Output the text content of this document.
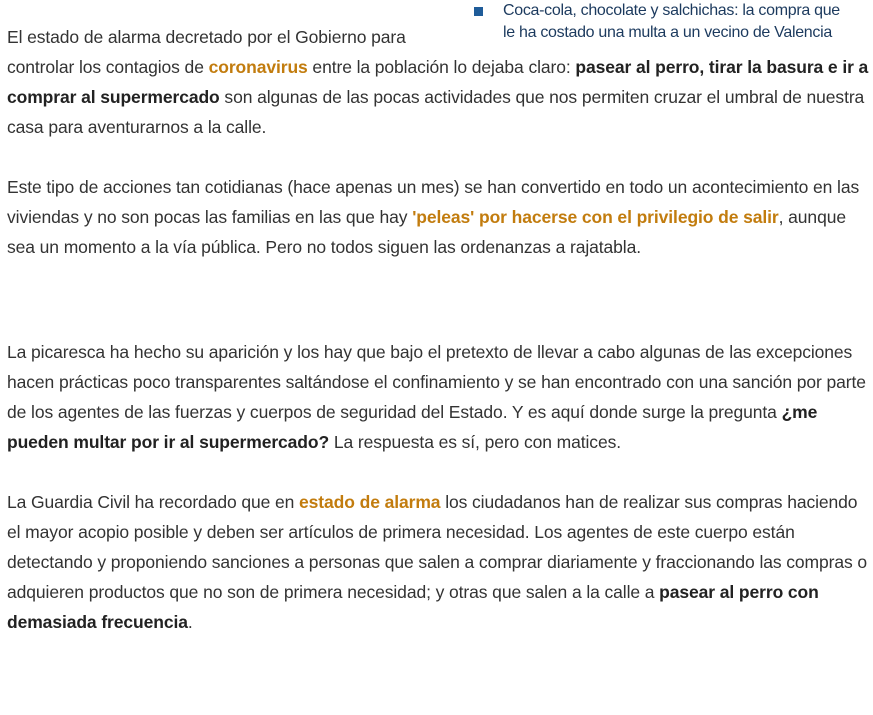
Coca-cola, chocolate y salchichas: la compra que
le ha costado una multa a un vecino de Valencia

El estado de alarma decretado por el Gobierno para controlar los contagios de coronavirus entre la población lo dejaba claro: pasear al perro, tirar la basura e ir a comprar al supermercado son algunas de las pocas actividades que nos permiten cruzar el umbral de nuestra casa para aventurarnos a la calle.

Este tipo de acciones tan cotidianas (hace apenas un mes) se han convertido en todo un acontecimiento en las viviendas y no son pocas las familias en las que hay 'peleas' por hacerse con el privilegio de salir, aunque sea un momento a la vía pública. Pero no todos siguen las ordenanzas a rajatabla.

La picaresca ha hecho su aparición y los hay que bajo el pretexto de llevar a cabo algunas de las excepciones hacen prácticas poco transparentes saltándose el confinamiento y se han encontrado con una sanción por parte de los agentes de las fuerzas y cuerpos de seguridad del Estado. Y es aquí donde surge la pregunta ¿me pueden multar por ir al supermercado? La respuesta es sí, pero con matices.

La Guardia Civil ha recordado que en estado de alarma los ciudadanos han de realizar sus compras haciendo el mayor acopio posible y deben ser artículos de primera necesidad. Los agentes de este cuerpo están detectando y proponiendo sanciones a personas que salen a comprar diariamente y fraccionando las compras o adquieren productos que no son de primera necesidad; y otras que salen a la calle a pasear al perro con demasiada frecuencia.
